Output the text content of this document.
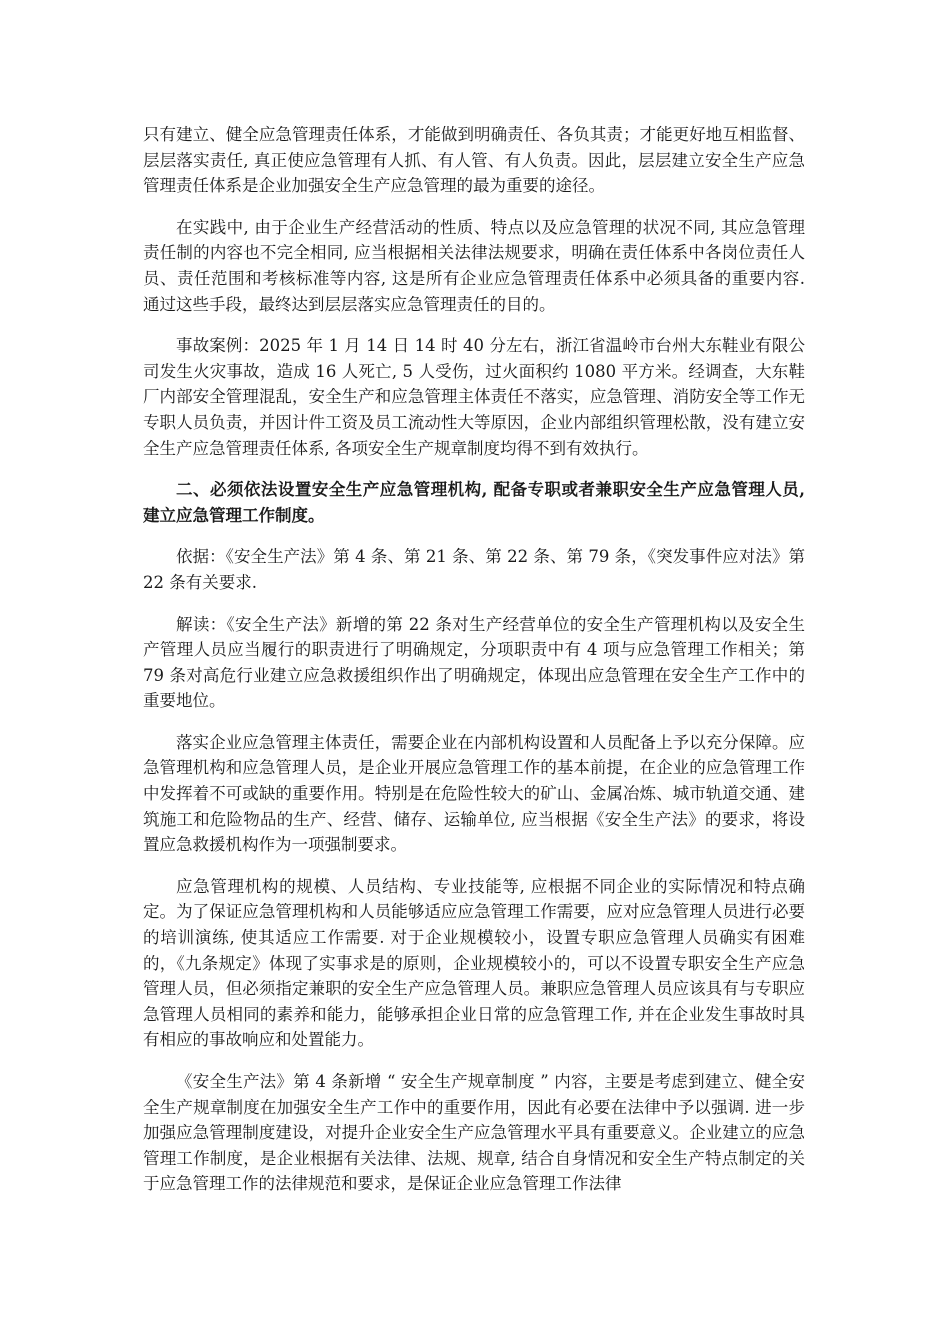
只有建立、健全应急管理责任体系，才能做到明确责任、各负其责；才能更好地互相监督、层层落实责任, 真正使应急管理有人抓、有人管、有人负责。因此，层层建立安全生产应急管理责任体系是企业加强安全生产应急管理的最为重要的途径。

在实践中, 由于企业生产经营活动的性质、特点以及应急管理的状况不同, 其应急管理责任制的内容也不完全相同, 应当根据相关法律法规要求，明确在责任体系中各岗位责任人员、责任范围和考核标准等内容, 这是所有企业应急管理责任体系中必须具备的重要内容. 通过这些手段，最终达到层层落实应急管理责任的目的。

事故案例：2025 年 1 月 14 日 14 时 40 分左右，浙江省温岭市台州大东鞋业有限公司发生火灾事故，造成 16 人死亡, 5 人受伤，过火面积约 1080 平方米。经调查，大东鞋厂内部安全管理混乱，安全生产和应急管理主体责任不落实，应急管理、消防安全等工作无专职人员负责，并因计件工资及员工流动性大等原因，企业内部组织管理松散，没有建立安全生产应急管理责任体系, 各项安全生产规章制度均得不到有效执行。

二、必须依法设置安全生产应急管理机构, 配备专职或者兼职安全生产应急管理人员, 建立应急管理工作制度。

依据：《安全生产法》第 4 条、第 21 条、第 22 条、第 79 条，《突发事件应对法》第 22 条有关要求.

解读：《安全生产法》新增的第 22 条对生产经营单位的安全生产管理机构以及安全生产管理人员应当履行的职责进行了明确规定，分项职责中有 4 项与应急管理工作相关；第 79 条对高危行业建立应急救援组织作出了明确规定，体现出应急管理在安全生产工作中的重要地位。

落实企业应急管理主体责任，需要企业在内部机构设置和人员配备上予以充分保障。应急管理机构和应急管理人员，是企业开展应急管理工作的基本前提，在企业的应急管理工作中发挥着不可或缺的重要作用。特别是在危险性较大的矿山、金属冶炼、城市轨道交通、建筑施工和危险物品的生产、经营、储存、运输单位, 应当根据《安全生产法》的要求，将设置应急救援机构作为一项强制要求。

应急管理机构的规模、人员结构、专业技能等, 应根据不同企业的实际情况和特点确定。为了保证应急管理机构和人员能够适应应急管理工作需要，应对应急管理人员进行必要的培训演练, 使其适应工作需要. 对于企业规模较小，设置专职应急管理人员确实有困难的，《九条规定》体现了实事求是的原则，企业规模较小的，可以不设置专职安全生产应急管理人员，但必须指定兼职的安全生产应急管理人员。兼职应急管理人员应该具有与专职应急管理人员相同的素养和能力，能够承担企业日常的应急管理工作, 并在企业发生事故时具有相应的事故响应和处置能力。

《安全生产法》第 4 条新增 “ 安全生产规章制度 ” 内容，主要是考虑到建立、健全安全生产规章制度在加强安全生产工作中的重要作用，因此有必要在法律中予以强调. 进一步加强应急管理制度建设，对提升企业安全生产应急管理水平具有重要意义。企业建立的应急管理工作制度，是企业根据有关法律、法规、规章, 结合自身情况和安全生产特点制定的关于应急管理工作的法律规范和要求，是保证企业应急管理工作法律
